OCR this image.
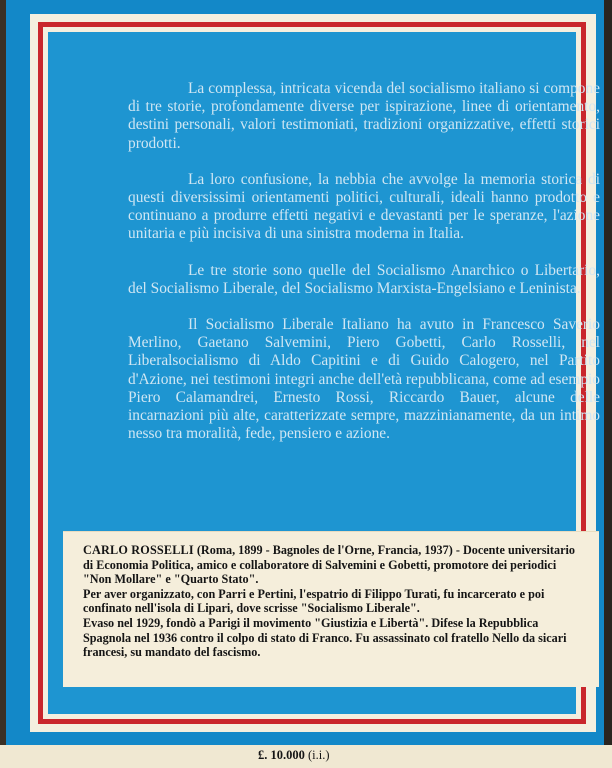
La complessa, intricata vicenda del socialismo italiano si compone di tre storie, profondamente diverse per ispirazione, linee di orientamento, destini personali, valori testimoniati, tradizioni organizzative, effetti storici prodotti.

La loro confusione, la nebbia che avvolge la memoria storica di questi diversissimi orientamenti politici, culturali, ideali hanno prodotto e continuano a produrre effetti negativi e devastanti per le speranze, l'azione unitaria e più incisiva di una sinistra moderna in Italia.

Le tre storie sono quelle del Socialismo Anarchico o Libertario, del Socialismo Liberale, del Socialismo Marxista-Engelsiano e Leninista.

Il Socialismo Liberale Italiano ha avuto in Francesco Saverio Merlino, Gaetano Salvemini, Piero Gobetti, Carlo Rosselli, nel Liberalsocialismo di Aldo Capitini e di Guido Calogero, nel Partito d'Azione, nei testimoni integri anche dell'età repubblicana, come ad esempio Piero Calamandrei, Ernesto Rossi, Riccardo Bauer, alcune delle incarnazioni più alte, caratterizzate sempre, mazzinianamente, da un intimo nesso tra moralità, fede, pensiero e azione.

CARLO ROSSELLI (Roma, 1899 - Bagnoles de l'Orne, Francia, 1937) - Docente universitario di Economia Politica, amico e collaboratore di Salvemini e Gobetti, promotore dei periodici "Non Mollare" e "Quarto Stato".

Per aver organizzato, con Parri e Pertini, l'espatrio di Filippo Turati, fu incarcerato e poi confinato nell'isola di Lipari, dove scrisse "Socialismo Liberale".

Evaso nel 1929, fondò a Parigi il movimento "Giustizia e Libertà". Difese la Repubblica Spagnola nel 1936 contro il colpo di stato di Franco. Fu assassinato col fratello Nello da sicari francesi, su mandato del fascismo.

£. 10.000 (i.i.)
